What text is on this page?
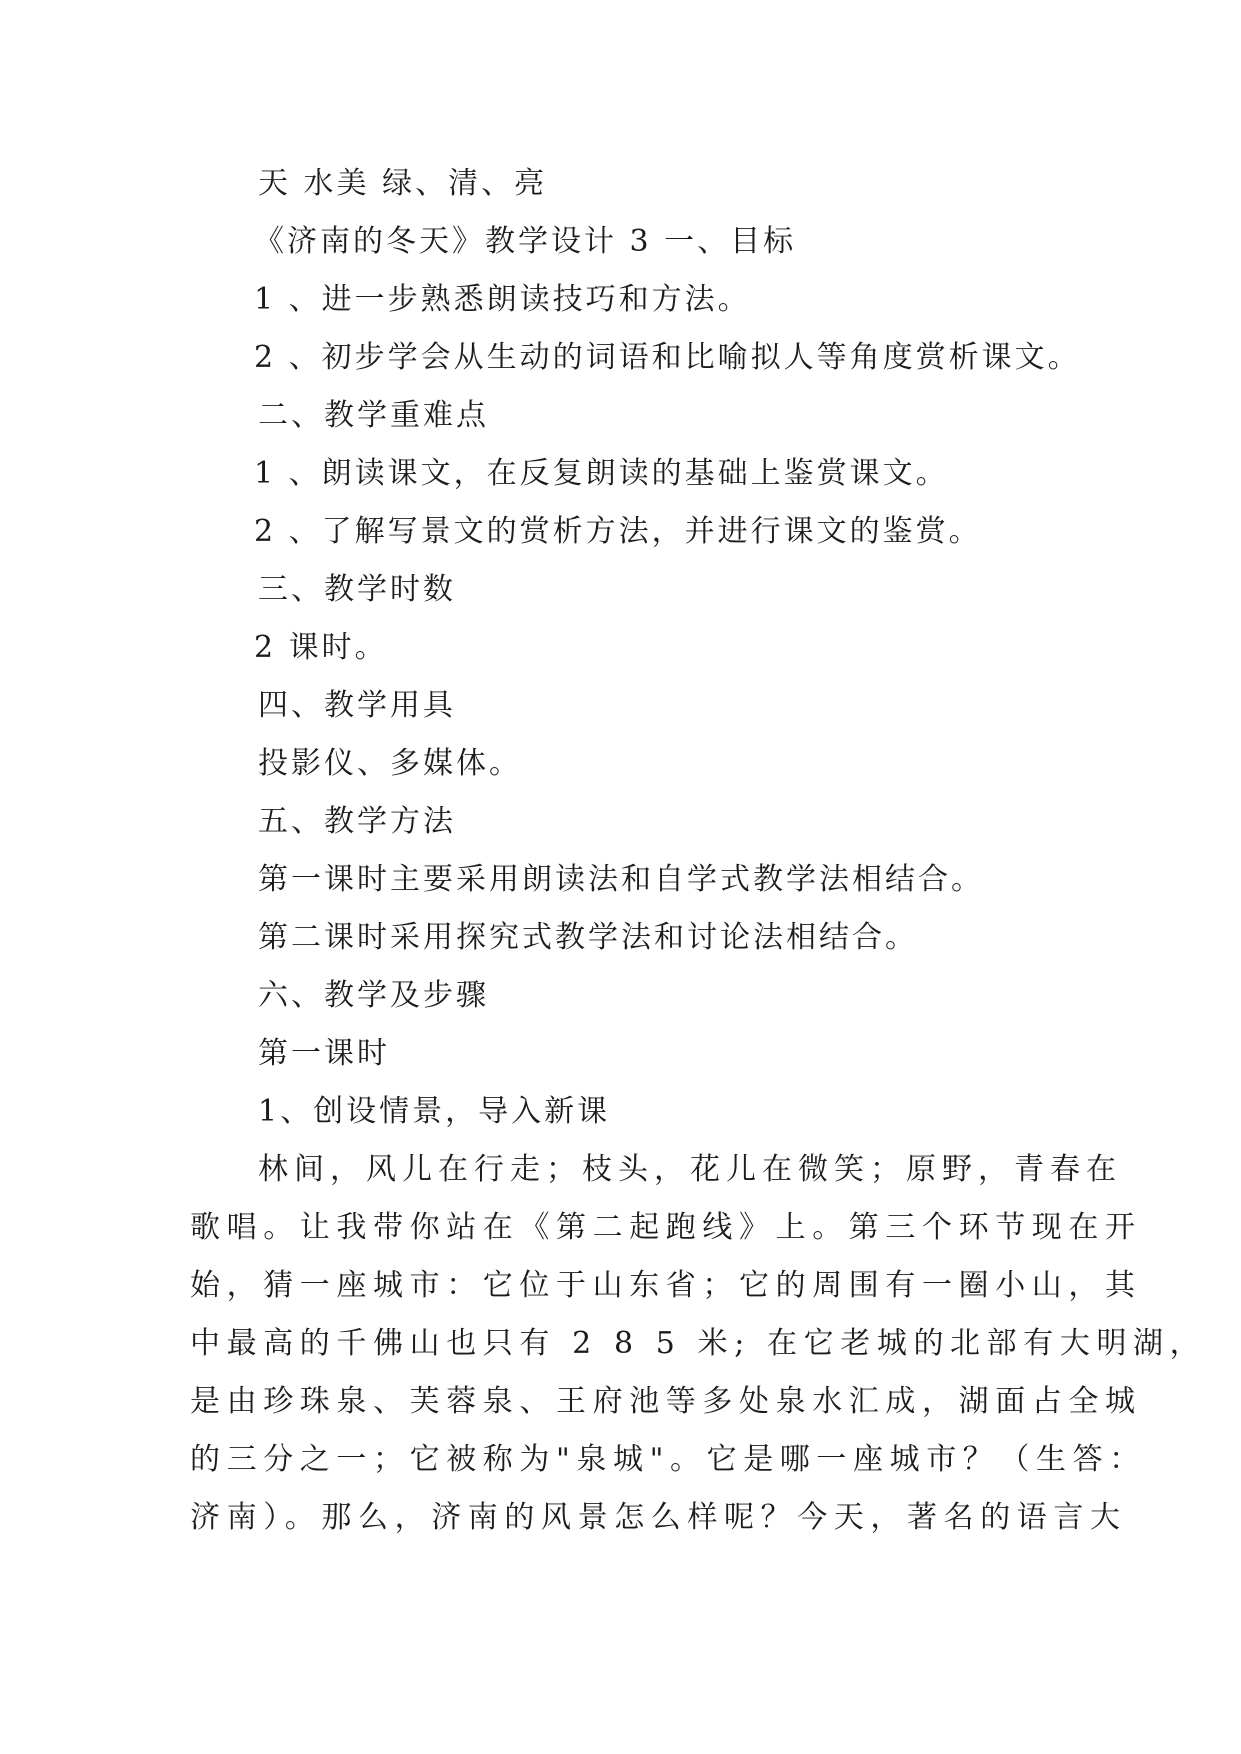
天 水美 绿、清、亮
《济南的冬天》教学设计 3 一、目标
1 、进一步熟悉朗读技巧和方法。
2 、初步学会从生动的词语和比喻拟人等角度赏析课文。
二、教学重难点
1 、朗读课文，在反复朗读的基础上鉴赏课文。
2 、了解写景文的赏析方法，并进行课文的鉴赏。
三、教学时数
2 课时。
四、教学用具
投影仪、多媒体。
五、教学方法
第一课时主要采用朗读法和自学式教学法相结合。
第二课时采用探究式教学法和讨论法相结合。
六、教学及步骤
第一课时
1、创设情景，导入新课
林间，风儿在行走；枝头，花儿在微笑；原野，青春在
歌唱。让我带你站在《第二起跑线》上。第三个环节现在开
始，猜一座城市：它位于山东省；它的周围有一圈小山，其
中最高的千佛山也只有 2 8 5 米; 在它老城的北部有大明湖，
是由珍珠泉、芙蓉泉、王府池等多处泉水汇成，湖面占全城
的三分之一；它被称为"泉城"。它是哪一座城市？（生答：
济南）。那么，济南的风景怎么样呢？今天，著名的语言大
